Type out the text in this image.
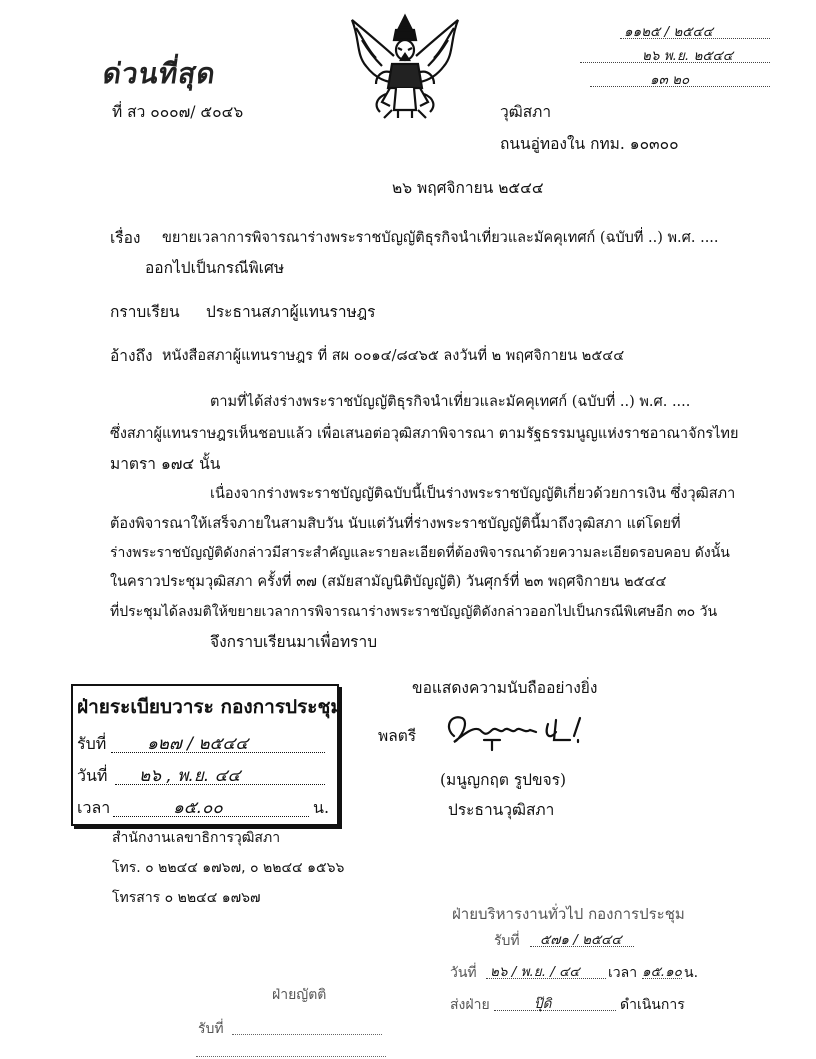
ด่วนที่สุด
ที่ สว ๐๐๐๗/ ๕๐๔๖
๑๑๒๕ / ๒๕๔๔
๒๖ พ.ย. ๒๕๔๔
๑๓ ๒๐
วุฒิสภา
ถนนอู่ทองใน กทม. ๑๐๓๐๐
๒๖ พฤศจิกายน ๒๕๔๔
เรื่อง ขยายเวลาการพิจารณาร่างพระราชบัญญัติธุรกิจนำเที่ยวและมัคคุเทศก์ (ฉบับที่ ..) พ.ศ. ....
ออกไปเป็นกรณีพิเศษ
กราบเรียน ประธานสภาผู้แทนราษฎร
อ้างถึง หนังสือสภาผู้แทนราษฎร ที่ สผ ๐๐๑๔/๘๔๖๕ ลงวันที่ ๒ พฤศจิกายน ๒๕๔๔
ตามที่ได้ส่งร่างพระราชบัญญัติธุรกิจนำเที่ยวและมัคคุเทศก์ (ฉบับที่ ..) พ.ศ. ....
ซึ่งสภาผู้แทนราษฎรเห็นชอบแล้ว เพื่อเสนอต่อวุฒิสภาพิจารณา ตามรัฐธรรมนูญแห่งราชอาณาจักรไทย
มาตรา ๑๗๔ นั้น
เนื่องจากร่างพระราชบัญญัติฉบับนี้เป็นร่างพระราชบัญญัติเกี่ยวด้วยการเงิน ซึ่งวุฒิสภา
ต้องพิจารณาให้เสร็จภายในสามสิบวัน นับแต่วันที่ร่างพระราชบัญญัตินี้มาถึงวุฒิสภา แต่โดยที่
ร่างพระราชบัญญัติดังกล่าวมีสาระสำคัญและรายละเอียดที่ต้องพิจารณาด้วยความละเอียดรอบคอบ ดังนั้น
ในคราวประชุมวุฒิสภา ครั้งที่ ๓๗ (สมัยสามัญนิติบัญญัติ) วันศุกร์ที่ ๒๓ พฤศจิกายน ๒๕๔๔
ที่ประชุมได้ลงมติให้ขยายเวลาการพิจารณาร่างพระราชบัญญัติดังกล่าวออกไปเป็นกรณีพิเศษอีก ๓๐ วัน
จึงกราบเรียนมาเพื่อทราบ
ขอแสดงความนับถืออย่างยิ่ง
พลตรี
(มนูญกฤต รูปขจร)
ประธานวุฒิสภา
ฝ่ายระเบียบวาระ กองการประชุม
รับที่ ๑๒๗ / ๒๕๔๔
วันที่ ๒๖ , พ.ย. ๔๔
เวลา	๑๕.๐๐	น.
สำนักงานเลขาธิการวุฒิสภา
โทร. ๐ ๒๒๔๔ ๑๗๖๗, ๐ ๒๒๔๔ ๑๕๖๖
โทรสาร ๐ ๒๒๔๔ ๑๗๖๗
ฝ่ายบริหารงานทั่วไป กองการประชุม
รับที่ ๕๗๑ / ๒๕๔๔
วันที่ ๒๖ / พ.ย. / ๔๔ เวลา ๑๕.๑๐ น.
ส่งฝ่าย	ปุ๊ดิ	ดำเนินการ
ฝ่ายญัตติ
รับที่
